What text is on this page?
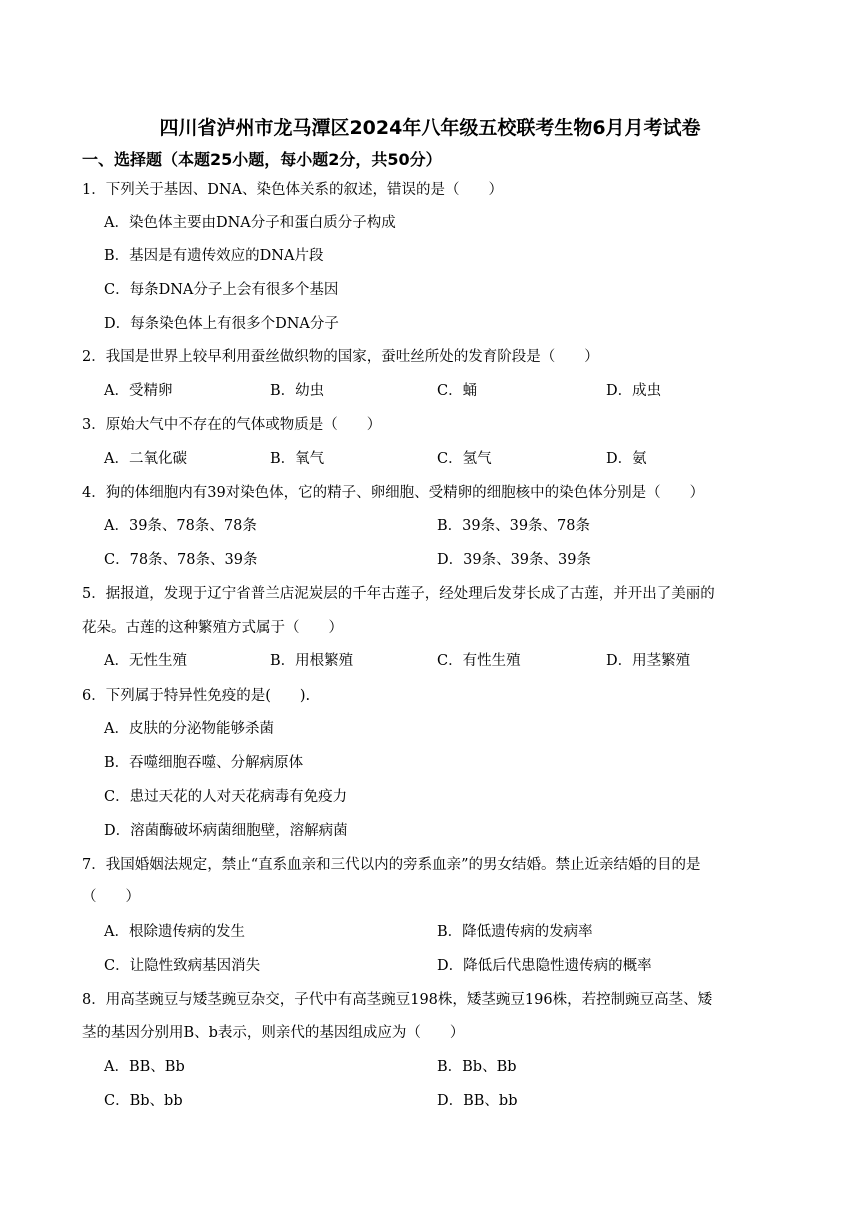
四川省泸州市龙马潭区2024年八年级五校联考生物6月月考试卷
一、选择题（本题25小题，每小题2分，共50分）
1．下列关于基因、DNA、染色体关系的叙述，错误的是（　　）
A．染色体主要由DNA分子和蛋白质分子构成
B．基因是有遗传效应的DNA片段
C．每条DNA分子上会有很多个基因
D．每条染色体上有很多个DNA分子
2．我国是世界上较早利用蚕丝做织物的国家，蚕吐丝所处的发育阶段是（　　）
A．受精卵	B．幼虫	C．蛹	D．成虫
3．原始大气中不存在的气体或物质是（　　）
A．二氧化碳	B．氧气	C．氢气	D．氨
4．狗的体细胞内有39对染色体，它的精子、卵细胞、受精卵的细胞核中的染色体分别是（　　）
A．39条、78条、78条	B．39条、39条、78条
C．78条、78条、39条	D．39条、39条、39条
5．据报道，发现于辽宁省普兰店泥炭层的千年古莲子，经处理后发芽长成了古莲，并开出了美丽的
花朵。古莲的这种繁殖方式属于（　　）
A．无性生殖	B．用根繁殖	C．有性生殖	D．用茎繁殖
6．下列属于特异性免疫的是(　　).
A．皮肤的分泌物能够杀菌
B．吞噬细胞吞噬、分解病原体
C．患过天花的人对天花病毒有免疫力
D．溶菌酶破坏病菌细胞壁，溶解病菌
7．我国婚姻法规定，禁止“直系血亲和三代以内的旁系血亲”的男女结婚。禁止近亲结婚的目的是
（　　）
A．根除遗传病的发生	B．降低遗传病的发病率
C．让隐性致病基因消失	D．降低后代患隐性遗传病的概率
8．用高茎豌豆与矮茎豌豆杂交，子代中有高茎豌豆198株，矮茎豌豆196株，若控制豌豆高茎、矮
茎的基因分别用B、b表示，则亲代的基因组成应为（　　）
A．BB、Bb	B．Bb、Bb
C．Bb、bb	D．BB、bb
